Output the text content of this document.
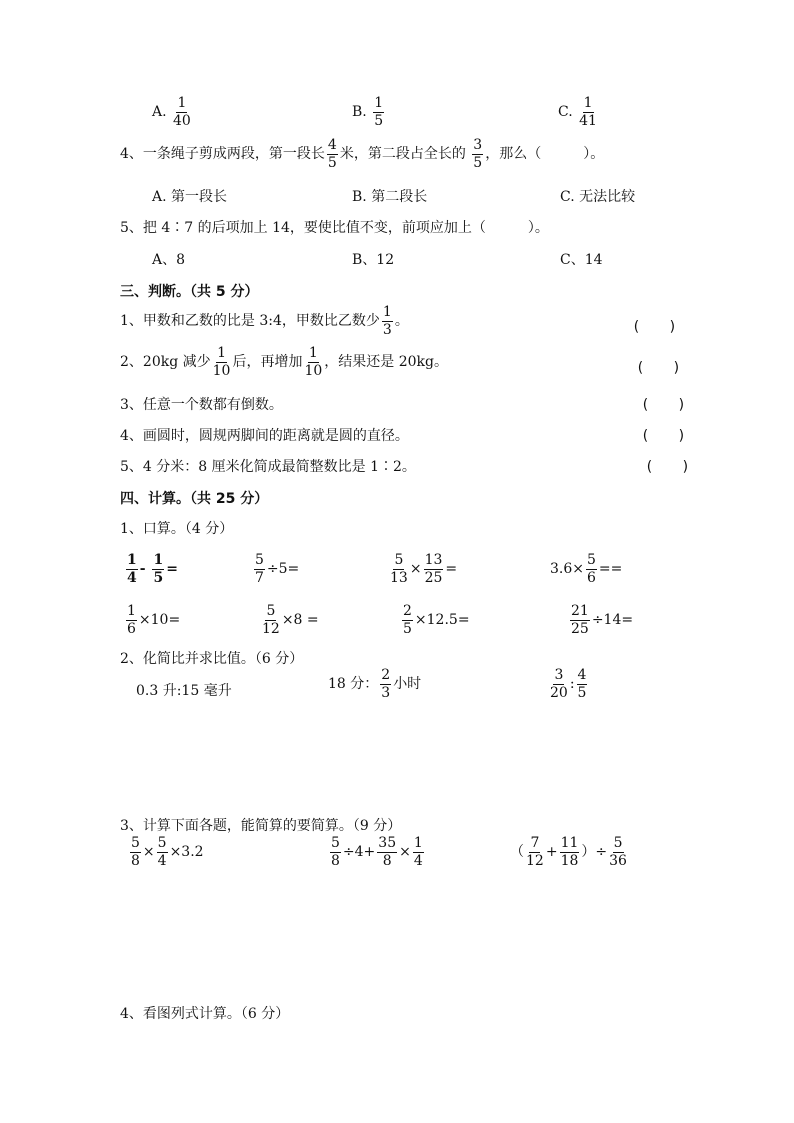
A. $\frac{1}{40}$	B. $\frac{1}{5}$	C. $\frac{1}{41}$
4、一条绳子剪成两段，第一段长 $\frac{4}{5}$ 米，第二段占全长的 $\frac{3}{5}$ ，那么（　　　）。
A. 第一段长	B. 第二段长	C. 无法比较
5、把 4∶7 的后项加上 14，要使比值不变，前项应加上（　　　）。
A、8	B、12	C、14
三、判断。（共 5 分）
1、甲数和乙数的比是 3:4，甲数比乙数少 $\frac{1}{3}$ 。	(　　)
2、20kg 减少 $\frac{1}{10}$ 后，再增加 $\frac{1}{10}$ ，结果还是 20kg。	(　　)
3、任意一个数都有倒数。	(　　)
4、画圆时，圆规两脚间的距离就是圆的直径。	(　　)
5、4 分米：8 厘米化简成最简整数比是 1∶2。	(　　)
四、计算。（共 25 分）
1、口算。（4 分）
$\frac{1}{4} - \frac{1}{5}$ =	$\frac{5}{7} \div 5=$	$\frac{5}{13} \times \frac{13}{25}$ =	$3.6\times \frac{5}{6}$ ==
$\frac{1}{6} \times 10=$	$\frac{5}{12} \times 8$ =	$\frac{2}{5} \times 12.5=$	$\frac{21}{25} \div 14=$
2、化简比并求比值。（6 分）
0.3 升:15 毫升	18 分： $\frac{2}{3}$ 小时	$\frac{3}{20}$ : $\frac{4}{5}$
3、计算下面各题，能简算的要简算。（9 分）
$\frac{5}{8} \times \frac{5}{4} \times 3.2$	$\frac{5}{8} \div 4+ \frac{35}{8} \times \frac{1}{4}$	（ $\frac{7}{12} + \frac{11}{18}$ ）÷ $\frac{5}{36}$
4、看图列式计算。（6 分）
